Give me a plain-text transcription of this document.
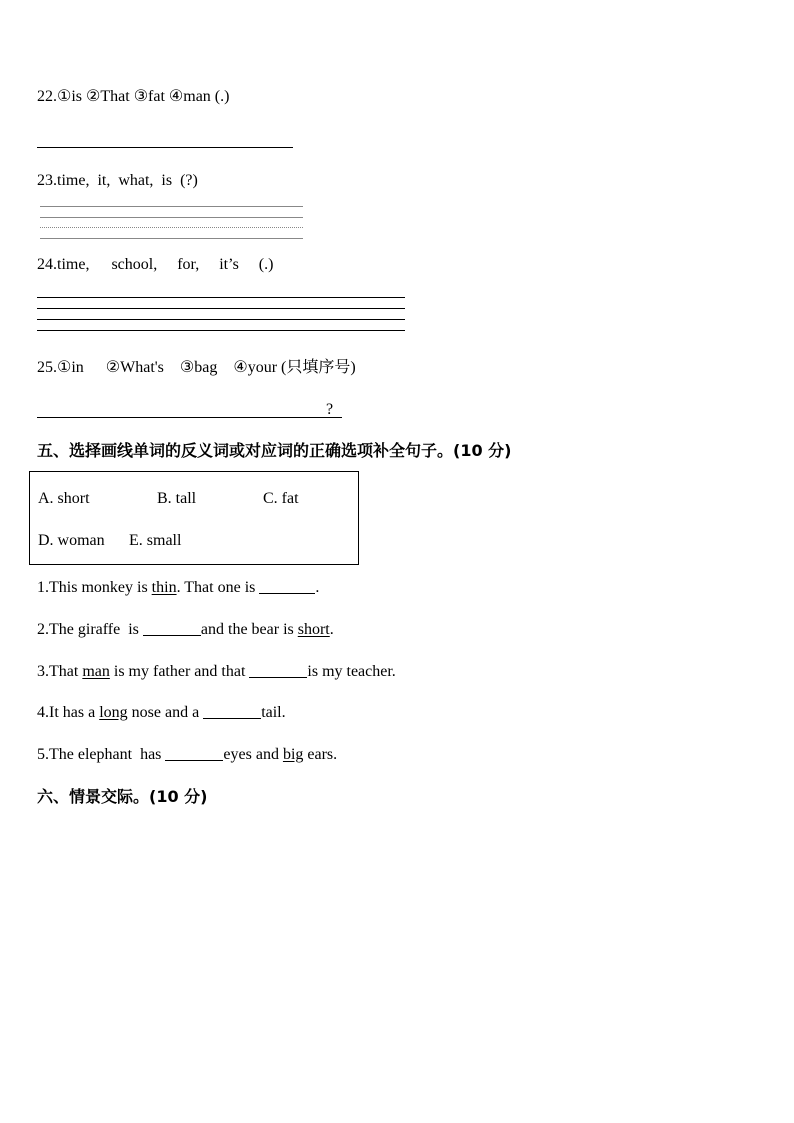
22.①is ②That ③fat ④man (.)
23.time,  it,  what,  is  (?)
24.time, school, for, it’s (.)
25.①in ②What's ③bag ④your (只填序号)
?
五、选择画线单词的反义词或对应词的正确选项补全句子。(10 分)
A. short	B. tall	C. fat
D. woman E. small
1.This monkey is thin. That one is	.
2.The giraffe  is	and the bear is short.
3.That man is my father and that	is my teacher.
4.It has a long nose and a	tail.
5.The elephant  has	eyes and big ears.
六、情景交际。(10 分)
